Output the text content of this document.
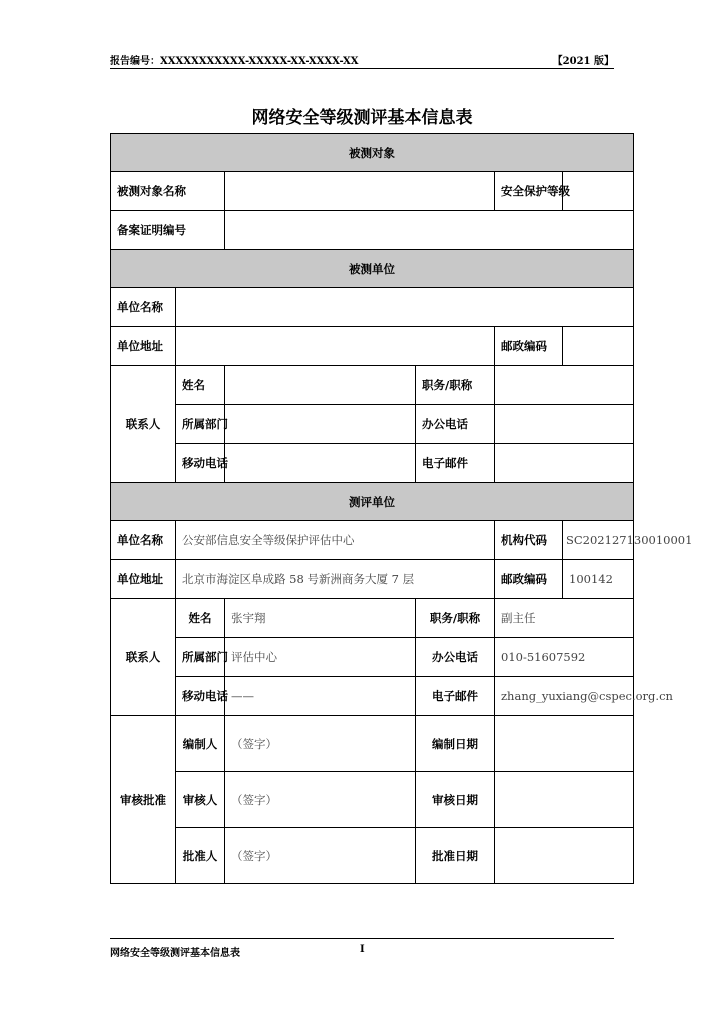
报告编号：XXXXXXXXXXX-XXXXX-XX-XXXX-XX	【2021 版】
网络安全等级测评基本信息表
被测对象					
被测对象名称				安全保护等级	
备案证明编号					
被测单位					
单位名称					
单位地址				邮政编码	
联系人	姓名		职务/职称		
	所属部门		办公电话		
	移动电话		电子邮件		
测评单位					
单位名称	公安部信息安全等级保护评估中心			机构代码	SC202127130010001
单位地址	北京市海淀区阜成路 58 号新洲商务大厦 7 层			邮政编码	100142
联系人	姓名	张宇翔	职务/职称	副主任	
	所属部门	评估中心	办公电话	010-51607592	
	移动电话	——	电子邮件	zhang_yuxiang@cspec.org.cn	
审核批准	编制人	（签字）	编制日期		
	审核人	（签字）	审核日期		
	批准人	（签字）	批准日期		
网络安全等级测评基本信息表	I
